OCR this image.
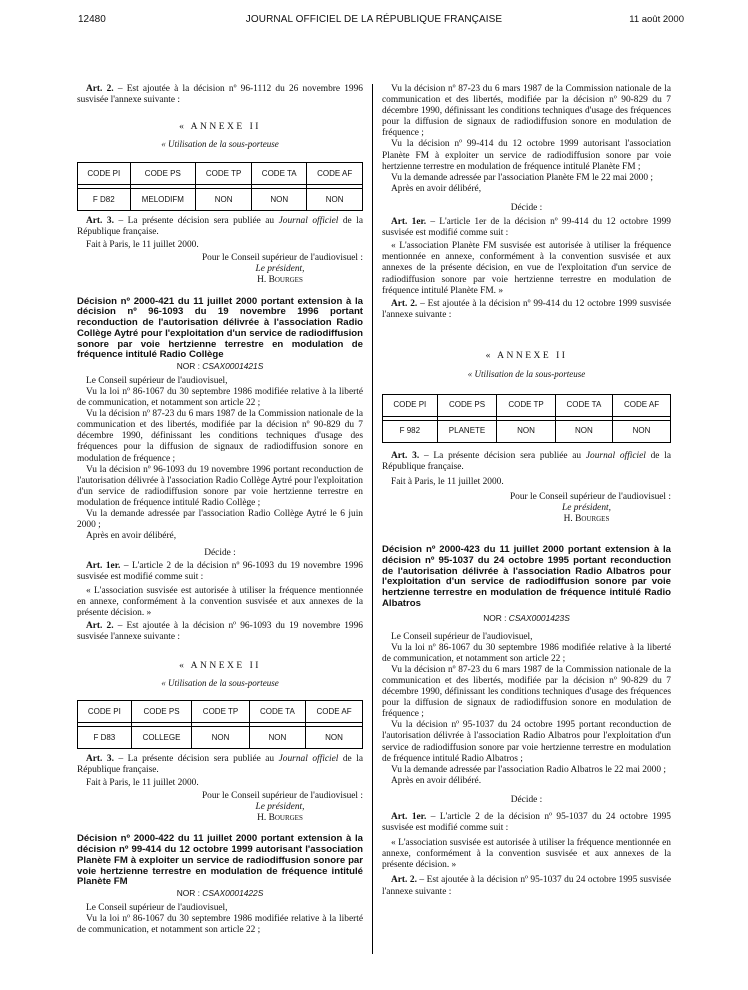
12480	JOURNAL OFFICIEL DE LA RÉPUBLIQUE FRANÇAISE	11 août 2000

Art. 2. – Est ajoutée à la décision nº 96-1112 du 26 novembre 1996 susvisée l'annexe suivante :

« ANNEXE II

« Utilisation de la sous-porteuse

CODE PI	CODE PS	CODE TP	CODE TA	CODE AF

F D82	MELODIFM	NON	NON	NON

Art. 3. – La présente décision sera publiée au Journal officiel de la République française.

Fait à Paris, le 11 juillet 2000.

Pour le Conseil supérieur de l'audiovisuel :

Le président,

H. Bourges

Décision nº 2000-421 du 11 juillet 2000 portant extension à la décision nº 96-1093 du 19 novembre 1996 portant reconduction de l'autorisation délivrée à l'association Radio Collège Aytré pour l'exploitation d'un service de radiodiffusion sonore par voie hertzienne terrestre en modulation de fréquence intitulé Radio Collège

NOR : CSAX0001421S

Le Conseil supérieur de l'audiovisuel,

Vu la loi nº 86-1067 du 30 septembre 1986 modifiée relative à la liberté de communication, et notamment son article 22 ;

Vu la décision nº 87-23 du 6 mars 1987 de la Commission nationale de la communication et des libertés, modifiée par la décision nº 90-829 du 7 décembre 1990, définissant les conditions techniques d'usage des fréquences pour la diffusion de signaux de radiodiffusion sonore en modulation de fréquence ;

Vu la décision nº 96-1093 du 19 novembre 1996 portant reconduction de l'autorisation délivrée à l'association Radio Collège Aytré pour l'exploitation d'un service de radiodiffusion sonore par voie hertzienne terrestre en modulation de fréquence intitulé Radio Collège ;

Vu la demande adressée par l'association Radio Collège Aytré le 6 juin 2000 ;

Après en avoir délibéré,

Décide :

Art. 1er. – L'article 2 de la décision nº 96-1093 du 19 novembre 1996 susvisée est modifié comme suit :

« L'association susvisée est autorisée à utiliser la fréquence mentionnée en annexe, conformément à la convention susvisée et aux annexes de la présente décision. »

Art. 2. – Est ajoutée à la décision nº 96-1093 du 19 novembre 1996 susvisée l'annexe suivante :

« ANNEXE II

« Utilisation de la sous-porteuse

CODE PI	CODE PS	CODE TP	CODE TA	CODE AF

F D83	COLLEGE	NON	NON	NON

Art. 3. – La présente décision sera publiée au Journal officiel de la République française.

Fait à Paris, le 11 juillet 2000.

Pour le Conseil supérieur de l'audiovisuel :

Le président,

H. Bourges

Décision nº 2000-422 du 11 juillet 2000 portant extension à la décision nº 99-414 du 12 octobre 1999 autorisant l'association Planète FM à exploiter un service de radiodiffusion sonore par voie hertzienne terrestre en modulation de fréquence intitulé Planète FM

NOR : CSAX0001422S

Le Conseil supérieur de l'audiovisuel,

Vu la loi nº 86-1067 du 30 septembre 1986 modifiée relative à la liberté de communication, et notamment son article 22 ;

Vu la décision nº 87-23 du 6 mars 1987 de la Commission nationale de la communication et des libertés, modifiée par la décision nº 90-829 du 7 décembre 1990, définissant les conditions techniques d'usage des fréquences pour la diffusion de signaux de radiodiffusion sonore en modulation de fréquence ;

Vu la décision nº 99-414 du 12 octobre 1999 autorisant l'association Planète FM à exploiter un service de radiodiffusion sonore par voie hertzienne terrestre en modulation de fréquence intitulé Planète FM ;

Vu la demande adressée par l'association Planète FM le 22 mai 2000 ;

Après en avoir délibéré,

Décide :

Art. 1er. – L'article 1er de la décision nº 99-414 du 12 octobre 1999 susvisée est modifié comme suit :

« L'association Planète FM susvisée est autorisée à utiliser la fréquence mentionnée en annexe, conformément à la convention susvisée et aux annexes de la présente décision, en vue de l'exploitation d'un service de radiodiffusion sonore par voie hertzienne terrestre en modulation de fréquence intitulé Planète FM. »

Art. 2. – Est ajoutée à la décision nº 99-414 du 12 octobre 1999 susvisée l'annexe suivante :

« ANNEXE II

« Utilisation de la sous-porteuse

CODE PI	CODE PS	CODE TP	CODE TA	CODE AF

F 982	PLANETE	NON	NON	NON

Art. 3. – La présente décision sera publiée au Journal officiel de la République française.

Fait à Paris, le 11 juillet 2000.

Pour le Conseil supérieur de l'audiovisuel :

Le président,

H. Bourges

Décision nº 2000-423 du 11 juillet 2000 portant extension à la décision nº 95-1037 du 24 octobre 1995 portant reconduction de l'autorisation délivrée à l'association Radio Albatros pour l'exploitation d'un service de radiodiffusion sonore par voie hertzienne terrestre en modulation de fréquence intitulé Radio Albatros

NOR : CSAX0001423S

Le Conseil supérieur de l'audiovisuel,

Vu la loi nº 86-1067 du 30 septembre 1986 modifiée relative à la liberté de communication, et notamment son article 22 ;

Vu la décision nº 87-23 du 6 mars 1987 de la Commission nationale de la communication et des libertés, modifiée par la décision nº 90-829 du 7 décembre 1990, définissant les conditions techniques d'usage des fréquences pour la diffusion de signaux de radiodiffusion sonore en modulation de fréquence ;

Vu la décision nº 95-1037 du 24 octobre 1995 portant reconduction de l'autorisation délivrée à l'association Radio Albatros pour l'exploitation d'un service de radiodiffusion sonore par voie hertzienne terrestre en modulation de fréquence intitulé Radio Albatros ;

Vu la demande adressée par l'association Radio Albatros le 22 mai 2000 ;

Après en avoir délibéré.

Décide :

Art. 1er. – L'article 2 de la décision nº 95-1037 du 24 octobre 1995 susvisée est modifié comme suit :

« L'association susvisée est autorisée à utiliser la fréquence mentionnée en annexe, conformément à la convention susvisée et aux annexes de la présente décision. »

Art. 2. – Est ajoutée à la décision nº 95-1037 du 24 octobre 1995 susvisée l'annexe suivante :
